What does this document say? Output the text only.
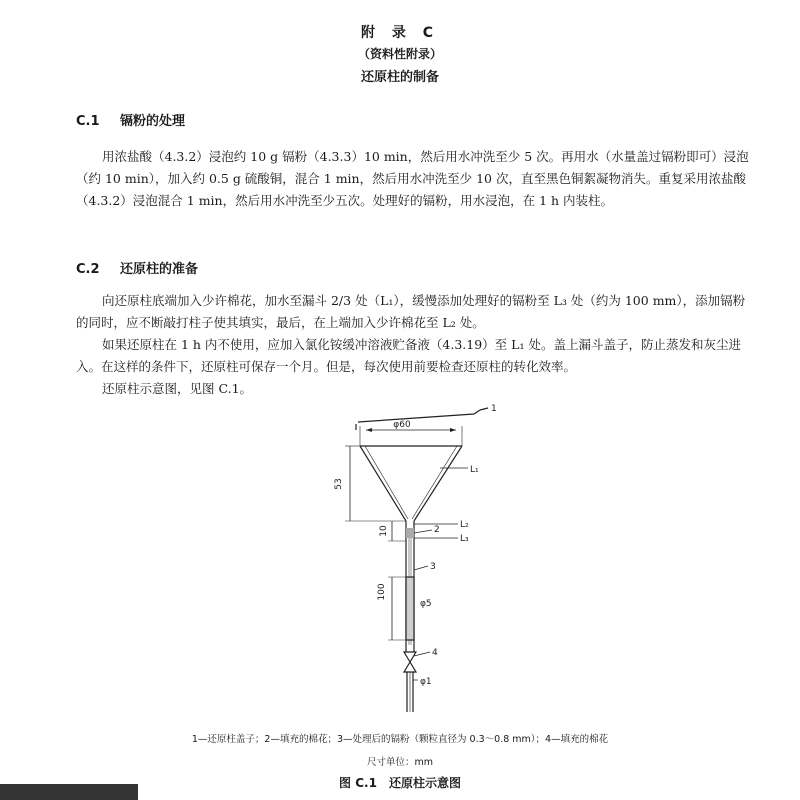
附 录 C
（资料性附录）
还原柱的制备
C.1 镉粉的处理

用浓盐酸（4.3.2）浸泡约 10 g 镉粉（4.3.3）10 min，然后用水冲洗至少 5 次。再用水（水量盖过镉粉即可）浸泡（约 10 min），加入约 0.5 g 硫酸铜，混合 1 min，然后用水冲洗至少 10 次，直至黑色铜絮凝物消失。重复采用浓盐酸（4.3.2）浸泡混合 1 min，然后用水冲洗至少五次。处理好的镉粉，用水浸泡，在 1 h 内装柱。

C.2 还原柱的准备

向还原柱底端加入少许棉花，加水至漏斗 2/3 处（L₁），缓慢添加处理好的镉粉至 L₃ 处（约为 100 mm），添加镉粉的同时，应不断敲打柱子使其填实，最后，在上端加入少许棉花至 L₂ 处。

如果还原柱在 1 h 内不使用，应加入氯化铵缓冲溶液贮备液（4.3.19）至 L₁ 处。盖上漏斗盖子，防止蒸发和灰尘进入。在这样的条件下，还原柱可保存一个月。但是，每次使用前要检查还原柱的转化效率。

还原柱示意图，见图 C.1。

φ60
53
10
100
φ5
φ1
L₁
L₂
L₃
1
2
3
4
1—还原柱盖子；2—填充的棉花；3—处理后的镉粉（颗粒直径为 0.3～0.8 mm）；4—填充的棉花
尺寸单位：mm
图 C.1　还原柱示意图
